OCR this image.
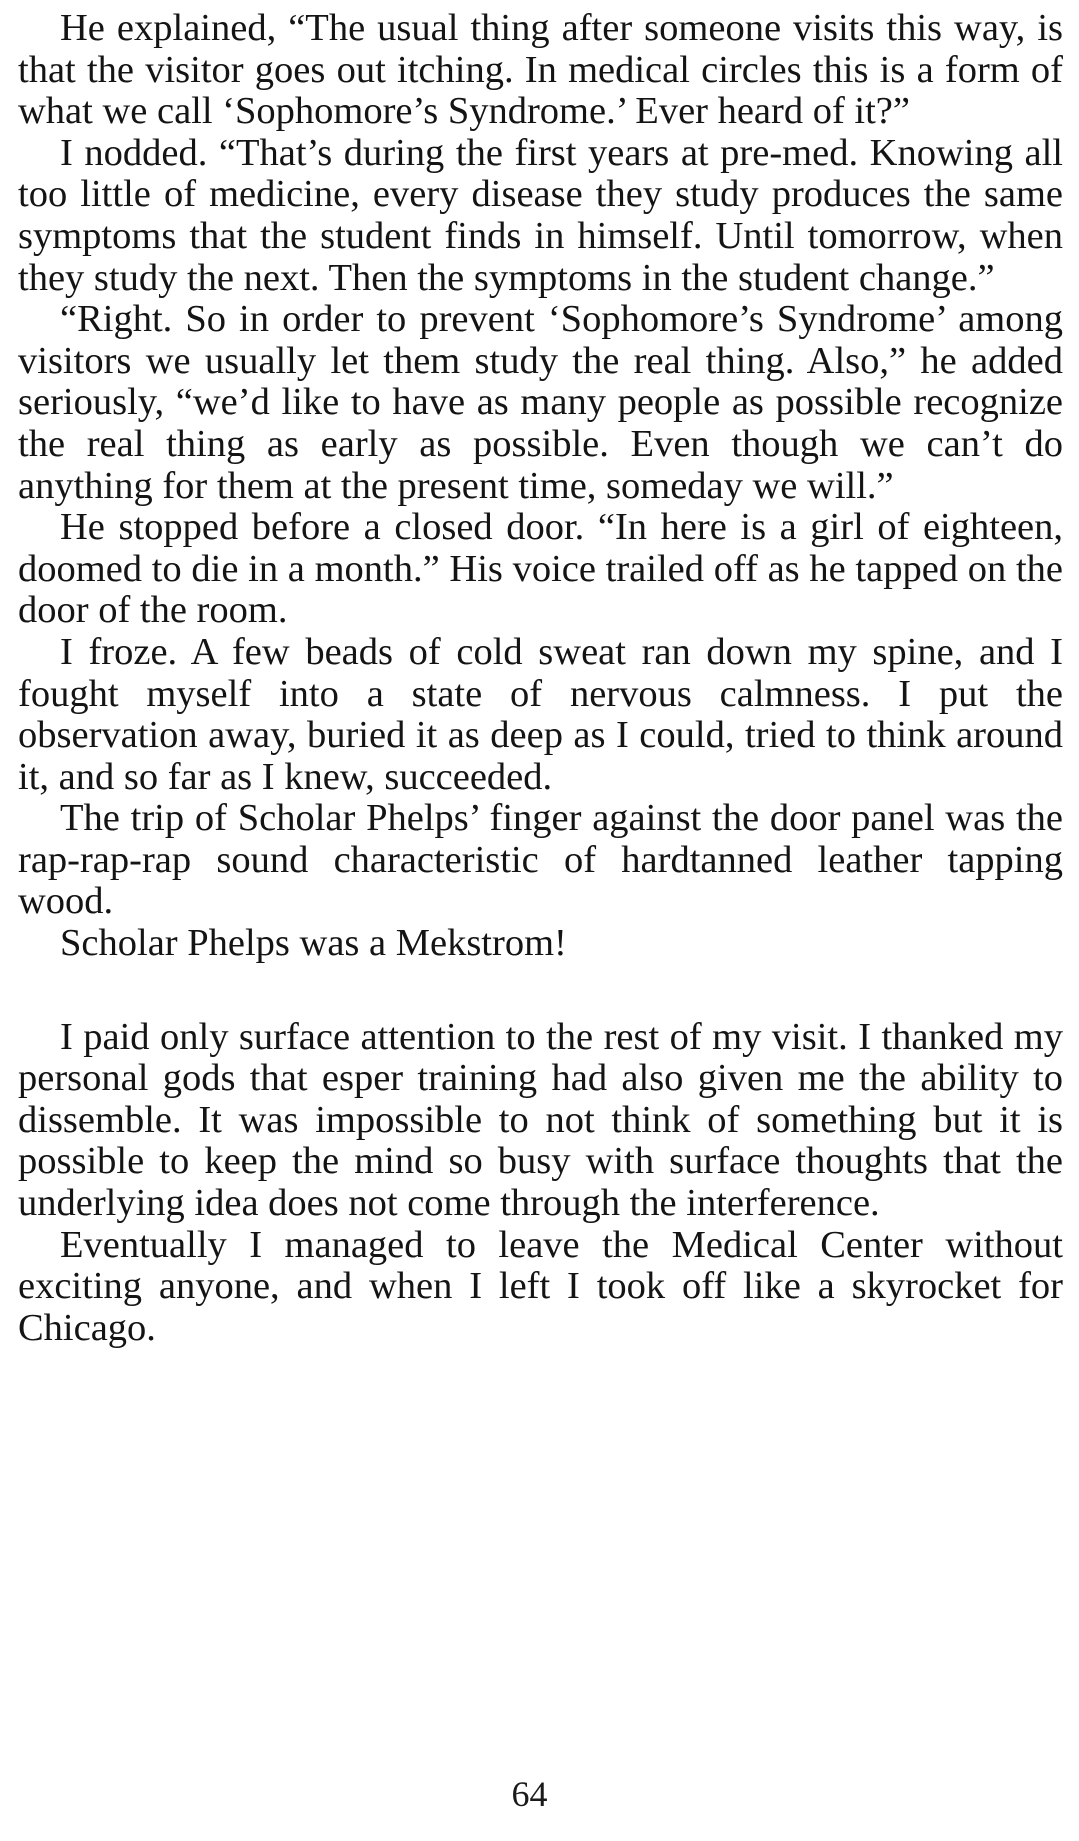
He explained, “The usual thing after someone visits this way, is that the visitor goes out itching. In medical circles this is a form of what we call ‘Sophomore’s Syndrome.’ Ever heard of it?”

I nodded. “That’s during the first years at pre-med. Knowing all too little of medicine, every disease they study produces the same symptoms that the student finds in himself. Until tomorrow, when they study the next. Then the symptoms in the student change.”

“Right. So in order to prevent ‘Sophomore’s Syndrome’ among visitors we usually let them study the real thing. Also,” he added seriously, “we’d like to have as many people as possible recognize the real thing as early as possible. Even though we can’t do anything for them at the present time, someday we will.”

He stopped before a closed door. “In here is a girl of eighteen, doomed to die in a month.” His voice trailed off as he tapped on the door of the room.

I froze. A few beads of cold sweat ran down my spine, and I fought myself into a state of nervous calmness. I put the observation away, buried it as deep as I could, tried to think around it, and so far as I knew, succeeded.

The trip of Scholar Phelps’ finger against the door panel was the rap-rap-rap sound characteristic of hardtanned leather tapping wood.

Scholar Phelps was a Mekstrom!

I paid only surface attention to the rest of my visit. I thanked my personal gods that esper training had also given me the ability to dissemble. It was impossible to not think of something but it is possible to keep the mind so busy with surface thoughts that the underlying idea does not come through the interference.

Eventually I managed to leave the Medical Center without exciting anyone, and when I left I took off like a skyrocket for Chicago.

64
